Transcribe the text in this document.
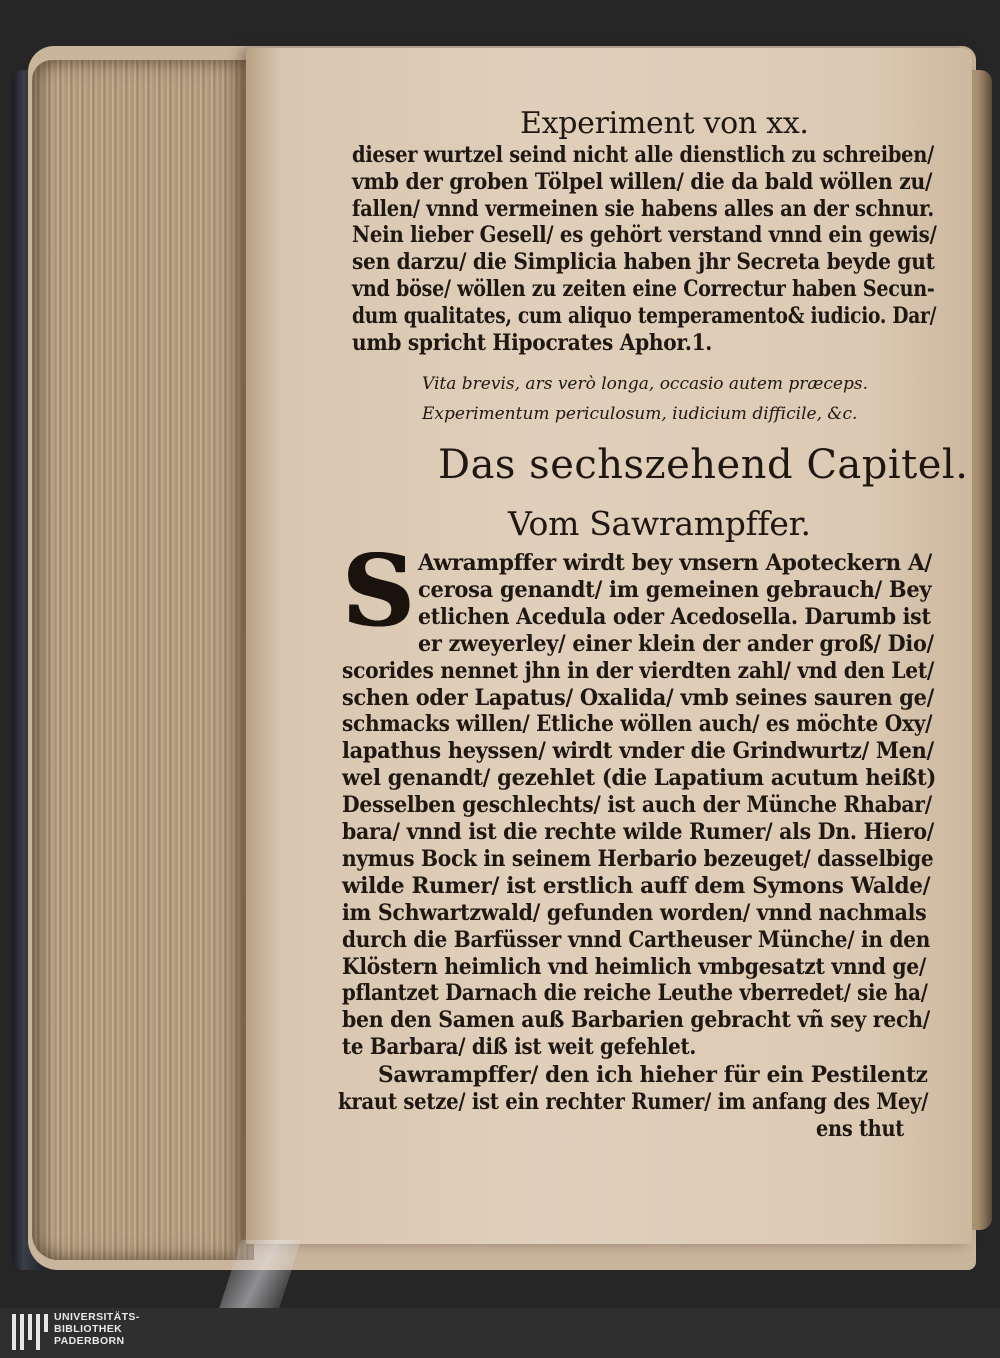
Experiment von xx.
dieser wurtzel seind nicht alle dienstlich zu schreiben/
vmb der groben Tölpel willen/ die da bald wöllen zu/
fallen/ vnnd vermeinen sie habens alles an der schnur.
Nein lieber Gesell/ es gehört verstand vnnd ein gewis/
sen darzu/ die Simplicia haben jhr Secreta beyde gut
vnd böse/ wöllen zu zeiten eine Correctur haben Secun-
dum qualitates, cum aliquo temperamento& iudicio. Dar/
umb spricht Hipocrates Aphor.1.
Vita brevis, ars verò longa, occasio autem præceps.
Experimentum periculosum, iudicium difficile, &c.
Das sechszehend Capitel.
Vom Sawrampffer.
S Awrampffer wirdt bey vnsern Apoteckern A/
cerosa genandt/ im gemeinen gebrauch/ Bey
etlichen Acedula oder Acedosella. Darumb ist
er zweyerley/ einer klein der ander groß/ Dio/
scorides nennet jhn in der vierdten zahl/ vnd den Let/
schen oder Lapatus/ Oxalida/ vmb seines sauren ge/
schmacks willen/ Etliche wöllen auch/ es möchte Oxy/
lapathus heyssen/ wirdt vnder die Grindwurtz/ Men/
wel genandt/ gezehlet (die Lapatium acutum heißt)
Desselben geschlechts/ ist auch der Münche Rhabar/
bara/ vnnd ist die rechte wilde Rumer/ als Dn. Hiero/
nymus Bock in seinem Herbario bezeuget/ dasselbige
wilde Rumer/ ist erstlich auff dem Symons Walde/
im Schwartzwald/ gefunden worden/ vnnd nachmals
durch die Barfüsser vnnd Cartheuser Münche/ in den
Klöstern heimlich vnd heimlich vmbgesatzt vnnd ge/
pflantzet Darnach die reiche Leuthe vberredet/ sie ha/
ben den Samen auß Barbarien gebracht vñ sey rech/
te Barbara/ diß ist weit gefehlet.
Sawrampffer/ den ich hieher für ein Pestilentz
kraut setze/ ist ein rechter Rumer/ im anfang des Mey/
ens thut
UNIVERSITÄTS-
BIBLIOTHEK
PADERBORN
